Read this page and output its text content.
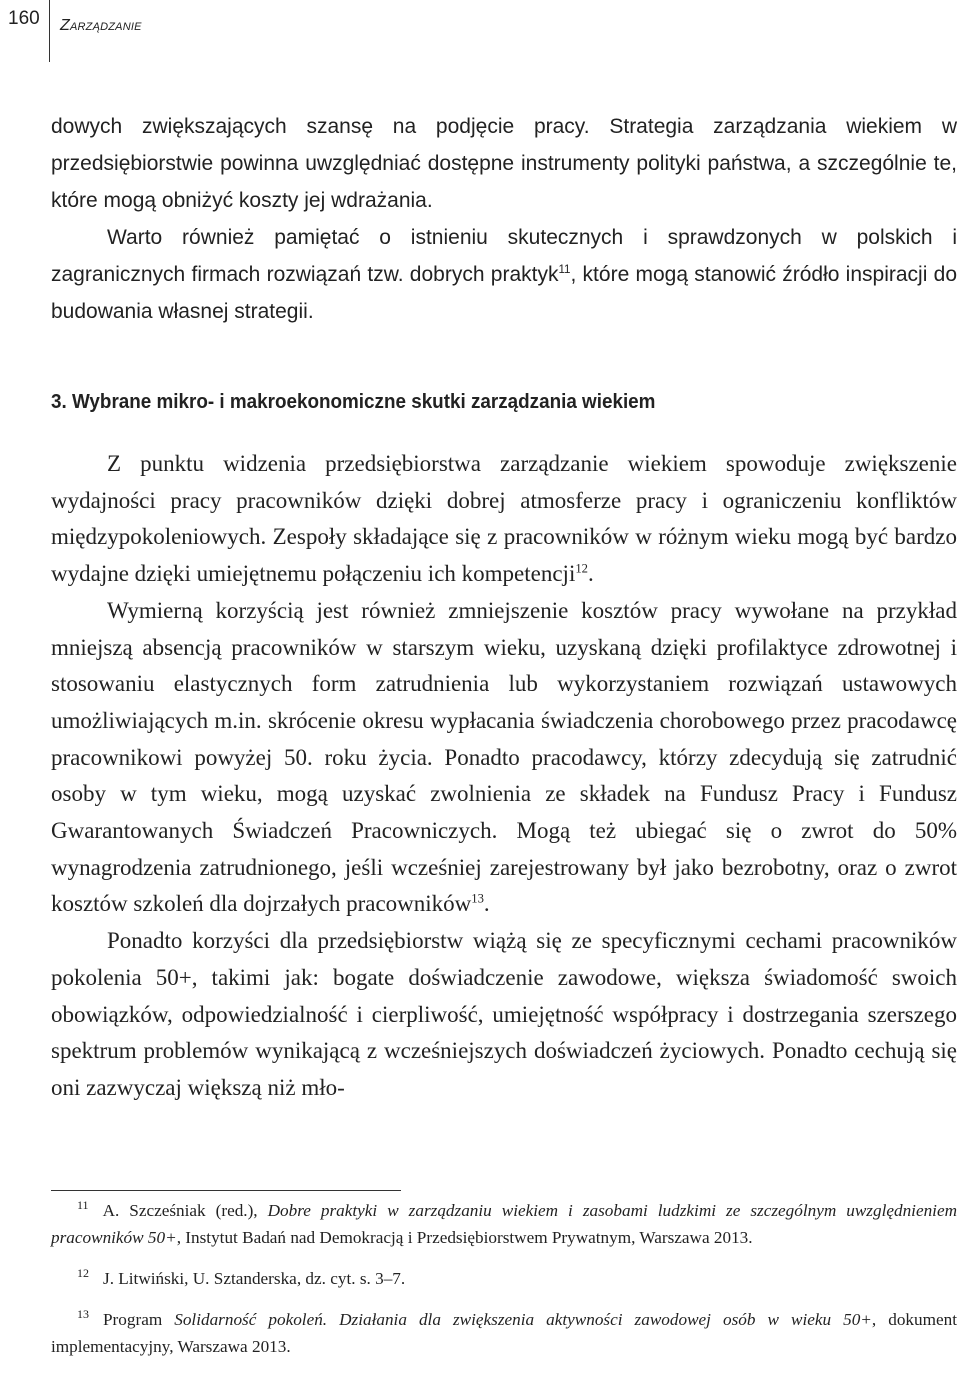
160 Zarządzanie

dowych zwiększających szansę na podjęcie pracy. Strategia zarządzania wiekiem w przedsiębiorstwie powinna uwzględniać dostępne instrumenty polityki państwa, a szczególnie te, które mogą obniżyć koszty jej wdrażania.

Warto również pamiętać o istnieniu skutecznych i sprawdzonych w polskich i zagranicznych firmach rozwiązań tzw. dobrych praktyk$^{11}$, które mogą stanowić źródło inspiracji do budowania własnej strategii.

3. Wybrane mikro- i makroekonomiczne skutki zarządzania wiekiem

Z punktu widzenia przedsiębiorstwa zarządzanie wiekiem spowoduje zwiększenie wydajności pracy pracowników dzięki dobrej atmosferze pracy i ograniczeniu konfliktów międzypokoleniowych. Zespoły składające się z pracowników w różnym wieku mogą być bardzo wydajne dzięki umiejętnemu połączeniu ich kompetencji$^{12}$.

Wymierną korzyścią jest również zmniejszenie kosztów pracy wywołane na przykład mniejszą absencją pracowników w starszym wieku, uzyskaną dzięki profilaktyce zdrowotnej i stosowaniu elastycznych form zatrudnienia lub wykorzystaniem rozwiązań ustawowych umożliwiających m.in. skrócenie okresu wypłacania świadczenia chorobowego przez pracodawcę pracownikowi powyżej 50. roku życia. Ponadto pracodawcy, którzy zdecydują się zatrudnić osoby w tym wieku, mogą uzyskać zwolnienia ze składek na Fundusz Pracy i Fundusz Gwarantowanych Świadczeń Pracowniczych. Mogą też ubiegać się o zwrot do 50% wynagrodzenia zatrudnionego, jeśli wcześniej zarejestrowany był jako bezrobotny, oraz o zwrot kosztów szkoleń dla dojrzałych pracowników$^{13}$.

Ponadto korzyści dla przedsiębiorstw wiążą się ze specyficznymi cechami pracowników pokolenia 50+, takimi jak: bogate doświadczenie zawodowe, większa świadomość swoich obowiązków, odpowiedzialność i cierpliwość, umiejętność współpracy i dostrzegania szerszego spektrum problemów wynikającą z wcześniejszych doświadczeń życiowych. Ponadto cechują się oni zazwyczaj większą niż mło-

$^{11}$ A. Szcześniak (red.), Dobre praktyki w zarządzaniu wiekiem i zasobami ludzkimi ze szczególnym uwzględnieniem pracowników 50+, Instytut Badań nad Demokracją i Przedsiębiorstwem Prywatnym, Warszawa 2013.

$^{12}$ J. Litwiński, U. Sztanderska, dz. cyt. s. 3–7.

$^{13}$ Program Solidarność pokoleń. Działania dla zwiększenia aktywności zawodowej osób w wieku 50+, dokument implementacyjny, Warszawa 2013.
